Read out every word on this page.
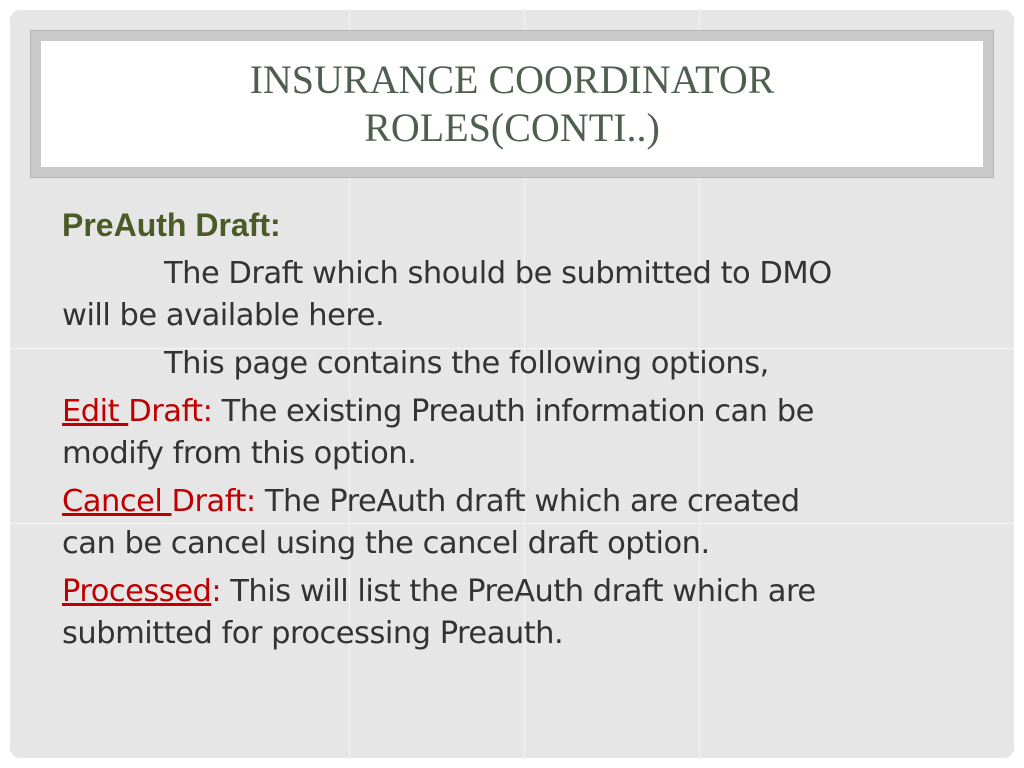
INSURANCE COORDINATOR
ROLES(CONTI..)

PreAuth Draft:

The Draft which should be submitted to DMO
will be available here.

This page contains the following options,

Edit Draft: The existing Preauth information can be
modify from this option.

Cancel Draft: The PreAuth draft which are created
can be cancel using the cancel draft option.

Processed: This will list the PreAuth draft which are
submitted for processing Preauth.
